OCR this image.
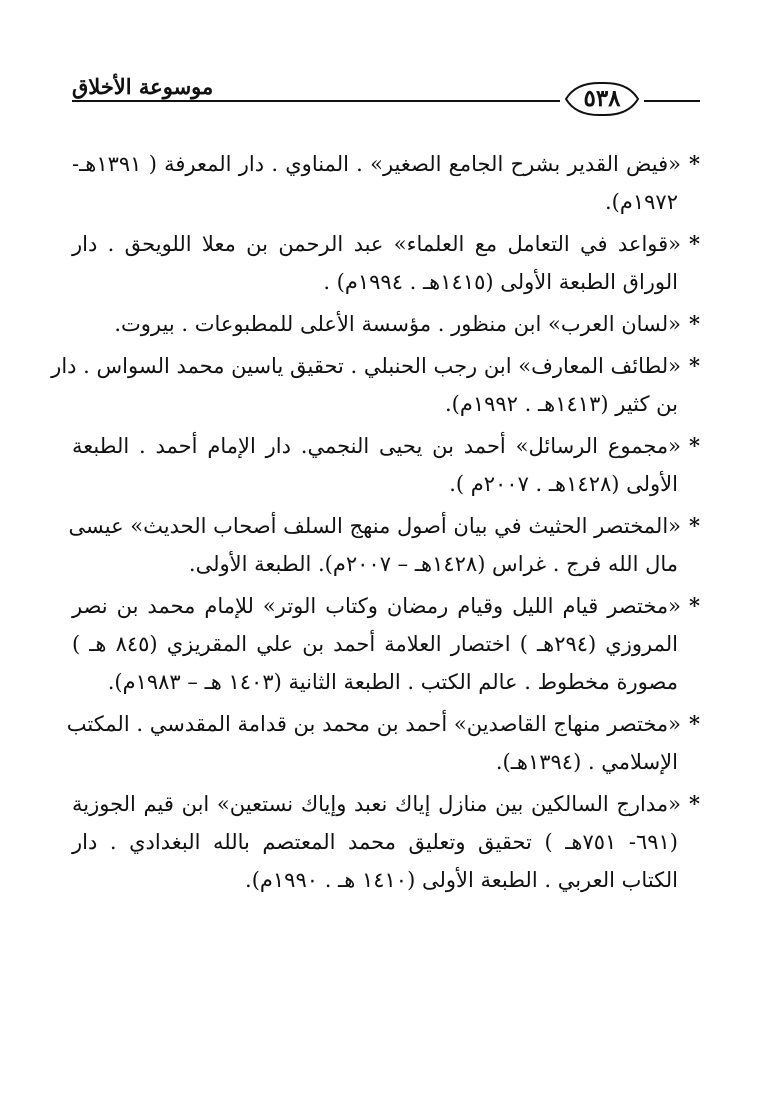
٥٣٨
موسوعة الأخلاق
*«فيض القدير بشرح الجامع الصغير» . المناوي . دار المعرفة ( ١٣٩١هـ-
١٩٧٢م).
*«قواعد في التعامل مع العلماء» عبد الرحمن بن معلا اللويحق . دار
الوراق الطبعة الأولى (١٤١٥هـ . ١٩٩٤م) .
*«لسان العرب» ابن منظور . مؤسسة الأعلى للمطبوعات . بيروت.
*«لطائف المعارف» ابن رجب الحنبلي . تحقيق ياسين محمد السواس . دار
بن كثير (١٤١٣هـ . ١٩٩٢م).
*«مجموع الرسائل» أحمد بن يحيى النجمي. دار الإمام أحمد . الطبعة
الأولى (١٤٢٨هـ . ٢٠٠٧م ).
*«المختصر الحثيث في بيان أصول منهج السلف أصحاب الحديث» عيسى
مال الله فرج . غراس (١٤٢٨هـ – ٢٠٠٧م). الطبعة الأولى.
*«مختصر قيام الليل وقيام رمضان وكتاب الوتر» للإمام محمد بن نصر
المروزي (٢٩٤هـ ) اختصار العلامة أحمد بن علي المقريزي (٨٤٥ هـ )
مصورة مخطوط . عالم الكتب . الطبعة الثانية (١٤٠٣ هـ – ١٩٨٣م).
*«مختصر منهاج القاصدين» أحمد بن محمد بن قدامة المقدسي . المكتب
الإسلامي . (١٣٩٤هـ).
*«مدارج السالكين بين منازل إياك نعبد وإياك نستعين» ابن قيم الجوزية
(٦٩١- ٧٥١هـ ) تحقيق وتعليق محمد المعتصم بالله البغدادي . دار
الكتاب العربي . الطبعة الأولى (١٤١٠ هـ . ١٩٩٠م).
